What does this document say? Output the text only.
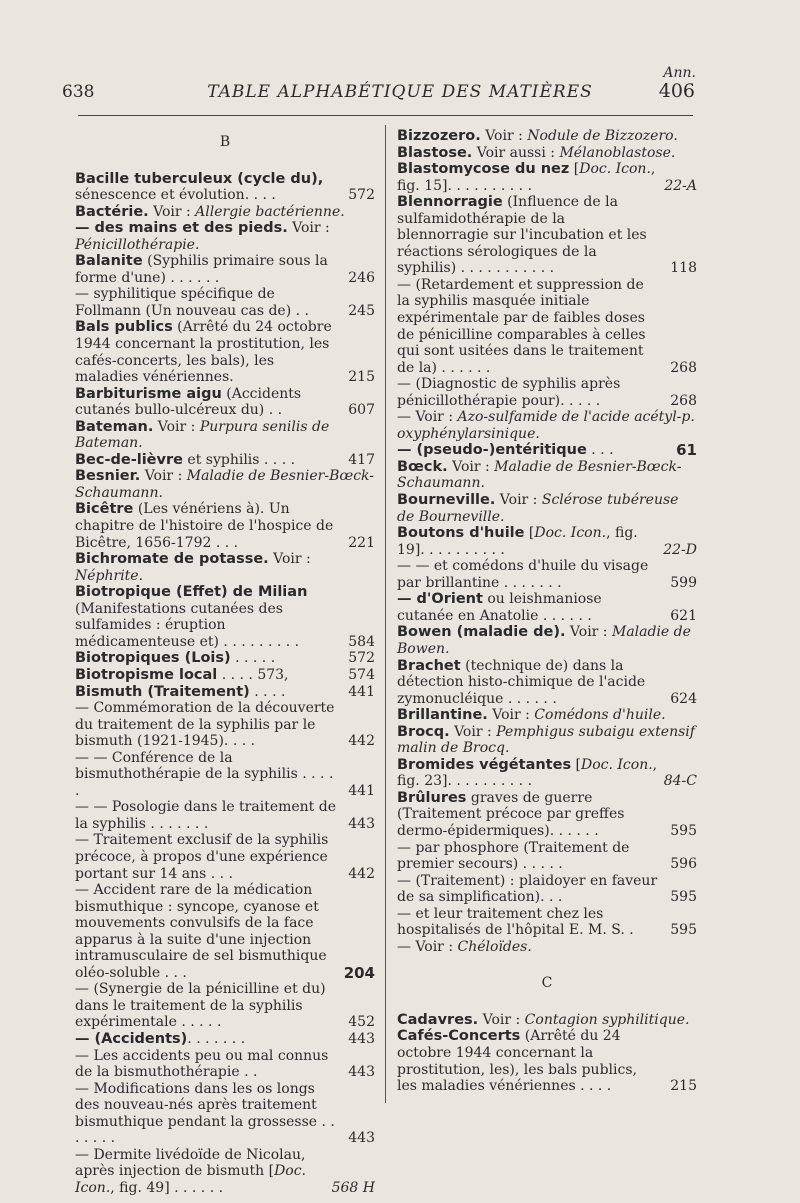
638	TABLE ALPHABÉTIQUE DES MATIÈRES
Ann.
406
B
Bacille tuberculeux (cycle du), sénescence et évolution. . . .	572
Bactérie. Voir : Allergie bactérienne.
— des mains et des pieds. Voir : Pénicillothérapie.
Balanite (Syphilis primaire sous la forme d'une) . . . . . .	246
— syphilitique spécifique de Follmann (Un nouveau cas de) . .	245
Bals publics (Arrêté du 24 octobre 1944 concernant la prostitution, les cafés-concerts, les bals), les maladies vénériennes.	215
Barbiturisme aigu (Accidents cutanés bullo-ulcéreux du) . .	607
Bateman. Voir : Purpura senilis de Bateman.
Bec-de-lièvre et syphilis . . . .	417
Besnier. Voir : Maladie de Besnier-Bœck-Schaumann.
Bicêtre (Les vénériens à). Un chapitre de l'histoire de l'hospice de Bicêtre, 1656-1792 . . .	221
Bichromate de potasse. Voir : Néphrite.
Biotropique (Effet) de Milian (Manifestations cutanées des sulfamides : éruption médicamenteuse et) . . . . . . . . .	584
Biotropiques (Lois) . . . . .	572
Biotropisme local . . . . 573,	574
Bismuth (Traitement) . . . .	441
— Commémoration de la découverte du traitement de la syphilis par le bismuth (1921-1945). . . .	442
— — Conférence de la bismuthothérapie de la syphilis . . . . .	441
— — Posologie dans le traitement de la syphilis . . . . . . .	443
— Traitement exclusif de la syphilis précoce, à propos d'une expérience portant sur 14 ans . . .	442
— Accident rare de la médication bismuthique : syncope, cyanose et mouvements convulsifs de la face apparus à la suite d'une injection intramusculaire de sel bismuthique oléo-soluble . . .	204
— (Synergie de la pénicilline et du) dans le traitement de la syphilis expérimentale . . . . .	452
— (Accidents). . . . . . .	443
— Les accidents peu ou mal connus de la bismuthothérapie . .	443
— Modifications dans les os longs des nouveau-nés après traitement bismuthique pendant la grossesse . . . . . . .	443
— Dermite livédoïde de Nicolau, après injection de bismuth [Doc. Icon., fig. 49] . . . . . .	568 H
Bizzozero. Voir : Nodule de Bizzozero.
Blastose. Voir aussi : Mélanoblastose.
Blastomycose du nez [Doc. Icon., fig. 15]. . . . . . . . . .	22-A
Blennorragie (Influence de la sulfamidothérapie de la blennorragie sur l'incubation et les réactions sérologiques de la syphilis) . . . . . . . . . . .	118
— (Retardement et suppression de la syphilis masquée initiale expérimentale par de faibles doses de pénicilline comparables à celles qui sont usitées dans le traitement de la) . . . . . .	268
— (Diagnostic de syphilis après pénicillothérapie pour). . . . .	268
— Voir : Azo-sulfamide de l'acide acétyl-p. oxyphénylarsinique.
— (pseudo-)entéritique . . .	61
Bœck. Voir : Maladie de Besnier-Bœck-Schaumann.
Bourneville. Voir : Sclérose tubéreuse de Bourneville.
Boutons d'huile [Doc. Icon., fig. 19]. . . . . . . . . .	22-D
— — et comédons d'huile du visage par brillantine . . . . . . .	599
— d'Orient ou leishmaniose cutanée en Anatolie . . . . . .	621
Bowen (maladie de). Voir : Maladie de Bowen.
Brachet (technique de) dans la détection histo-chimique de l'acide zymonucléique . . . . . .	624
Brillantine. Voir : Comédons d'huile.
Brocq. Voir : Pemphigus subaigu extensif malin de Brocq.
Bromides végétantes [Doc. Icon., fig. 23]. . . . . . . . . .	84-C
Brûlures graves de guerre (Traitement précoce par greffes dermo-épidermiques). . . . . .	595
— par phosphore (Traitement de premier secours) . . . . .	596
— (Traitement) : plaidoyer en faveur de sa simplification). . .	595
— et leur traitement chez les hospitalisés de l'hôpital E. M. S. .	595
— Voir : Chéloïdes.
C
Cadavres. Voir : Contagion syphilitique.
Cafés-Concerts (Arrêté du 24 octobre 1944 concernant la prostitution, les), les bals publics, les maladies vénériennes . . . .	215
